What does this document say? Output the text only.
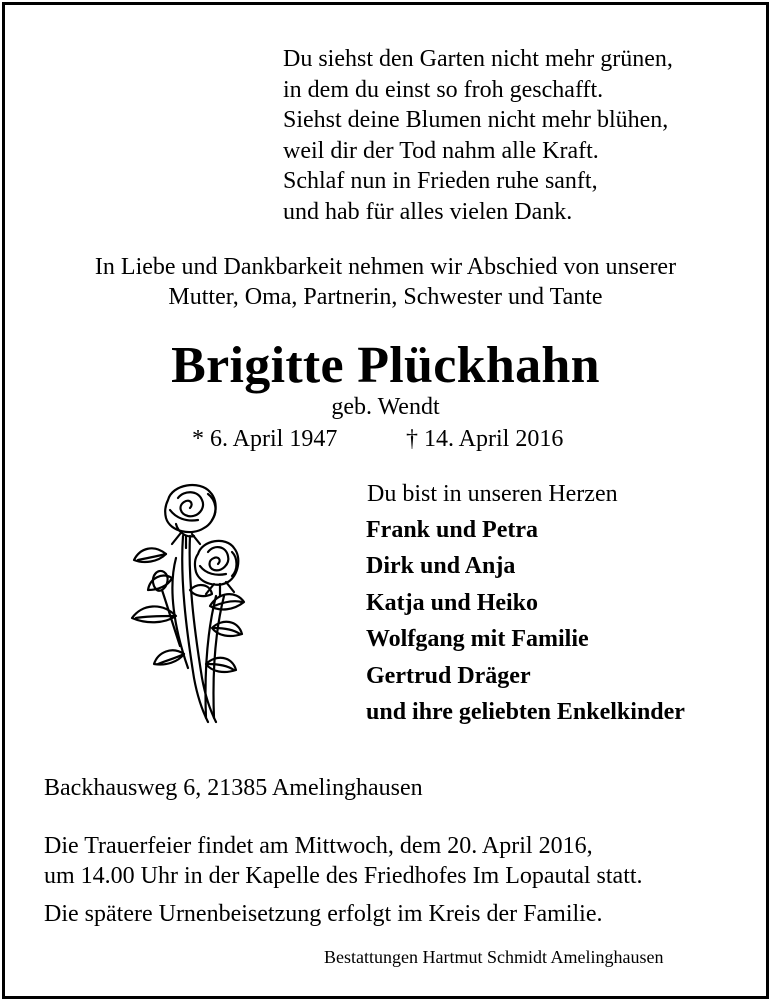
Du siehst den Garten nicht mehr grünen,
in dem du einst so froh geschafft.
Siehst deine Blumen nicht mehr blühen,
weil dir der Tod nahm alle Kraft.
Schlaf nun in Frieden ruhe sanft,
und hab für alles vielen Dank.
In Liebe und Dankbarkeit nehmen wir Abschied von unserer
Mutter, Oma, Partnerin, Schwester und Tante
Brigitte Plückhahn
geb. Wendt
* 6. April 1947	† 14. April 2016
Du bist in unseren Herzen
Frank und Petra
Dirk und Anja
Katja und Heiko
Wolfgang mit Familie
Gertrud Dräger
und ihre geliebten Enkelkinder
Backhausweg 6, 21385 Amelinghausen
Die Trauerfeier findet am Mittwoch, dem 20. April 2016,
um 14.00 Uhr in der Kapelle des Friedhofes Im Lopautal statt.
Die spätere Urnenbeisetzung erfolgt im Kreis der Familie.
Bestattungen Hartmut Schmidt Amelinghausen
